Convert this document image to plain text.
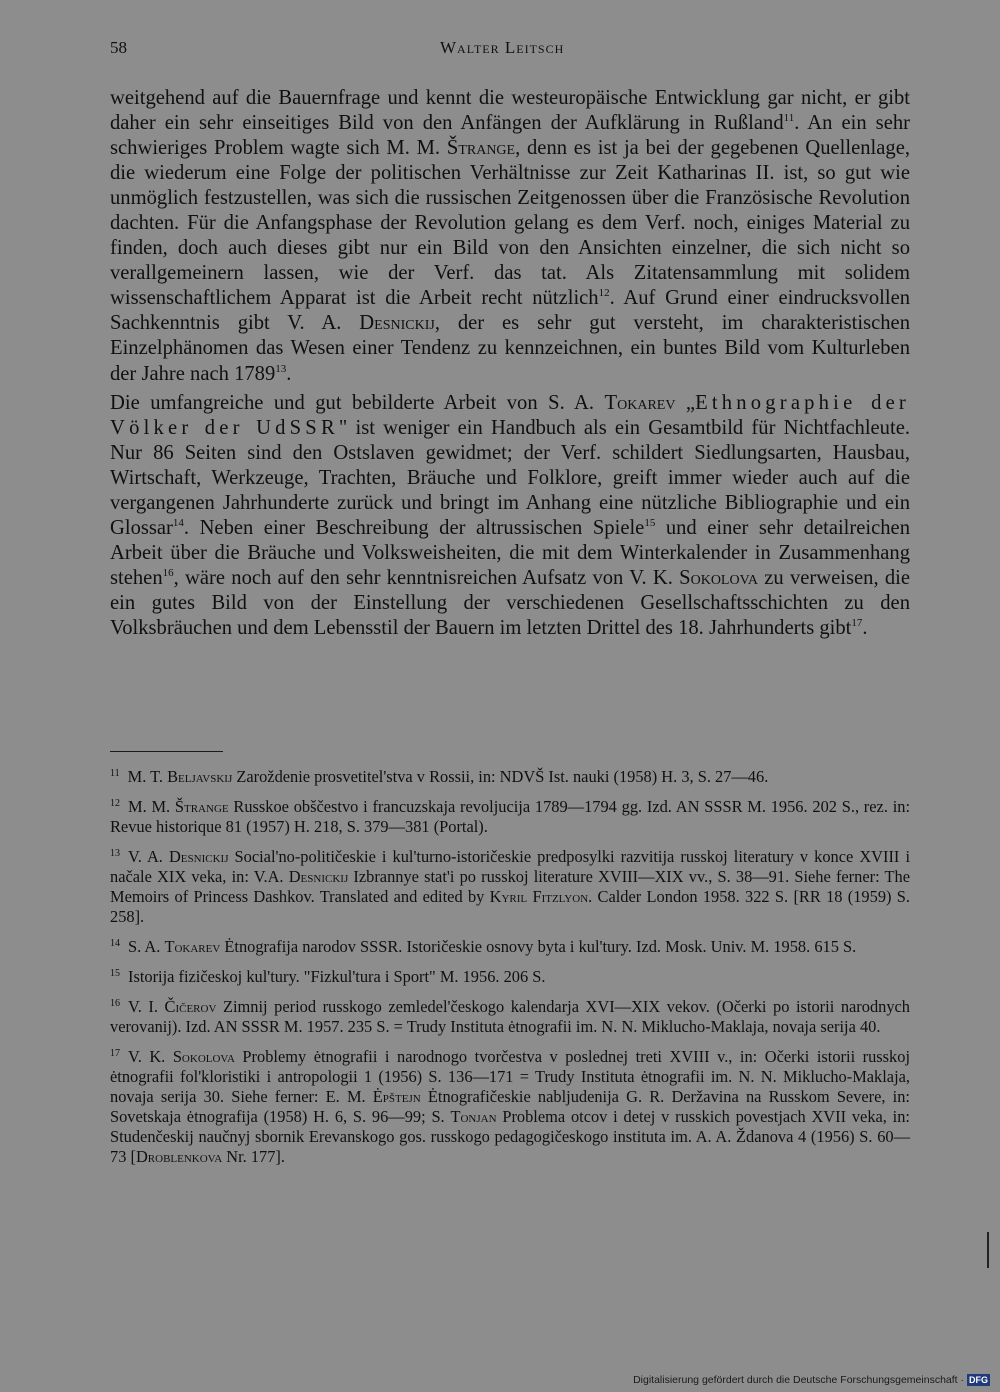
58	Walter Leitsch

weitgehend auf die Bauernfrage und kennt die westeuropäische Entwicklung gar nicht, er gibt daher ein sehr einseitiges Bild von den Anfängen der Aufklärung in Rußland$^{11}$. An ein sehr schwieriges Problem wagte sich M. M. Štrange, denn es ist ja bei der gegebenen Quellenlage, die wiederum eine Folge der politischen Verhältnisse zur Zeit Katharinas II. ist, so gut wie unmöglich festzustellen, was sich die russischen Zeitgenossen über die Französische Revolution dachten. Für die Anfangsphase der Revolution gelang es dem Verf. noch, einiges Material zu finden, doch auch dieses gibt nur ein Bild von den Ansichten einzelner, die sich nicht so verallgemeinern lassen, wie der Verf. das tat. Als Zitatensammlung mit solidem wissenschaftlichem Apparat ist die Arbeit recht nützlich$^{12}$. Auf Grund einer eindrucksvollen Sachkenntnis gibt V. A. Desnickij, der es sehr gut versteht, im charakteristischen Einzelphänomen das Wesen einer Tendenz zu kennzeichnen, ein buntes Bild vom Kulturleben der Jahre nach 1789$^{13}$.

Die umfangreiche und gut bebilderte Arbeit von S. A. Tokarev „Ethnographie der Völker der UdSSR" ist weniger ein Handbuch als ein Gesamtbild für Nichtfachleute. Nur 86 Seiten sind den Ostslaven gewidmet; der Verf. schildert Siedlungsarten, Hausbau, Wirtschaft, Werkzeuge, Trachten, Bräuche und Folklore, greift immer wieder auch auf die vergangenen Jahrhunderte zurück und bringt im Anhang eine nützliche Bibliographie und ein Glossar$^{14}$. Neben einer Beschreibung der altrussischen Spiele$^{15}$ und einer sehr detailreichen Arbeit über die Bräuche und Volksweisheiten, die mit dem Winterkalender in Zusammenhang stehen$^{16}$, wäre noch auf den sehr kenntnisreichen Aufsatz von V. K. Sokolova zu verweisen, die ein gutes Bild von der Einstellung der verschiedenen Gesellschaftsschichten zu den Volksbräuchen und dem Lebensstil der Bauern im letzten Drittel des 18. Jahrhunderts gibt$^{17}$.

$^{11}$ M. T. Beljavskij Zaroždenie prosvetitel'stva v Rossii, in: NDVŠ Ist. nauki (1958) H. 3, S. 27—46.

$^{12}$ M. M. Štrange Russkoe obščestvo i francuzskaja revoljucija 1789—1794 gg. Izd. AN SSSR M. 1956. 202 S., rez. in: Revue historique 81 (1957) H. 218, S. 379—381 (Portal).

$^{13}$ V. A. Desnickij Social'no-političeskie i kul'turno-istoričeskie predposylki razvitija russkoj literatury v konce XVIII i načale XIX veka, in: V.A. Desnickij Izbrannye stat'i po russkoj literature XVIII—XIX vv., S. 38—91. Siehe ferner: The Memoirs of Princess Dashkov. Translated and edited by Kyril Fitzlyon. Calder London 1958. 322 S. [RR 18 (1959) S. 258].

$^{14}$ S. A. Tokarev Ėtnografija narodov SSSR. Istoričeskie osnovy byta i kul'tury. Izd. Mosk. Univ. M. 1958. 615 S.

$^{15}$ Istorija fizičeskoj kul'tury. "Fizkul'tura i Sport" M. 1956. 206 S.

$^{16}$ V. I. Čičerov Zimnij period russkogo zemledel'českogo kalendarja XVI—XIX vekov. (Očerki po istorii narodnych verovanij). Izd. AN SSSR M. 1957. 235 S. = Trudy Instituta ėtnografii im. N. N. Miklucho-Maklaja, novaja serija 40.

$^{17}$ V. K. Sokolova Problemy ėtnografii i narodnogo tvorčestva v poslednej treti XVIII v., in: Očerki istorii russkoj ėtnografii fol'kloristiki i antropologii 1 (1956) S. 136—171 = Trudy Instituta ėtnografii im. N. N. Miklucho-Maklaja, novaja serija 30. Siehe ferner: E. M. Ėpštejn Ėtnografičeskie nabljudenija G. R. Deržavina na Russkom Severe, in: Sovetskaja ėtnografija (1958) H. 6, S. 96—99; S. Tonjan Problema otcov i detej v russkich povestjach XVII veka, in: Studenčeskij naučnyj sbornik Erevanskogo gos. russkogo pedagogičeskogo instituta im. A. A. Ždanova 4 (1956) S. 60—73 [Droblenkova Nr. 177].

Digitalisierung gefördert durch die Deutsche Forschungsgemeinschaft · DFG
